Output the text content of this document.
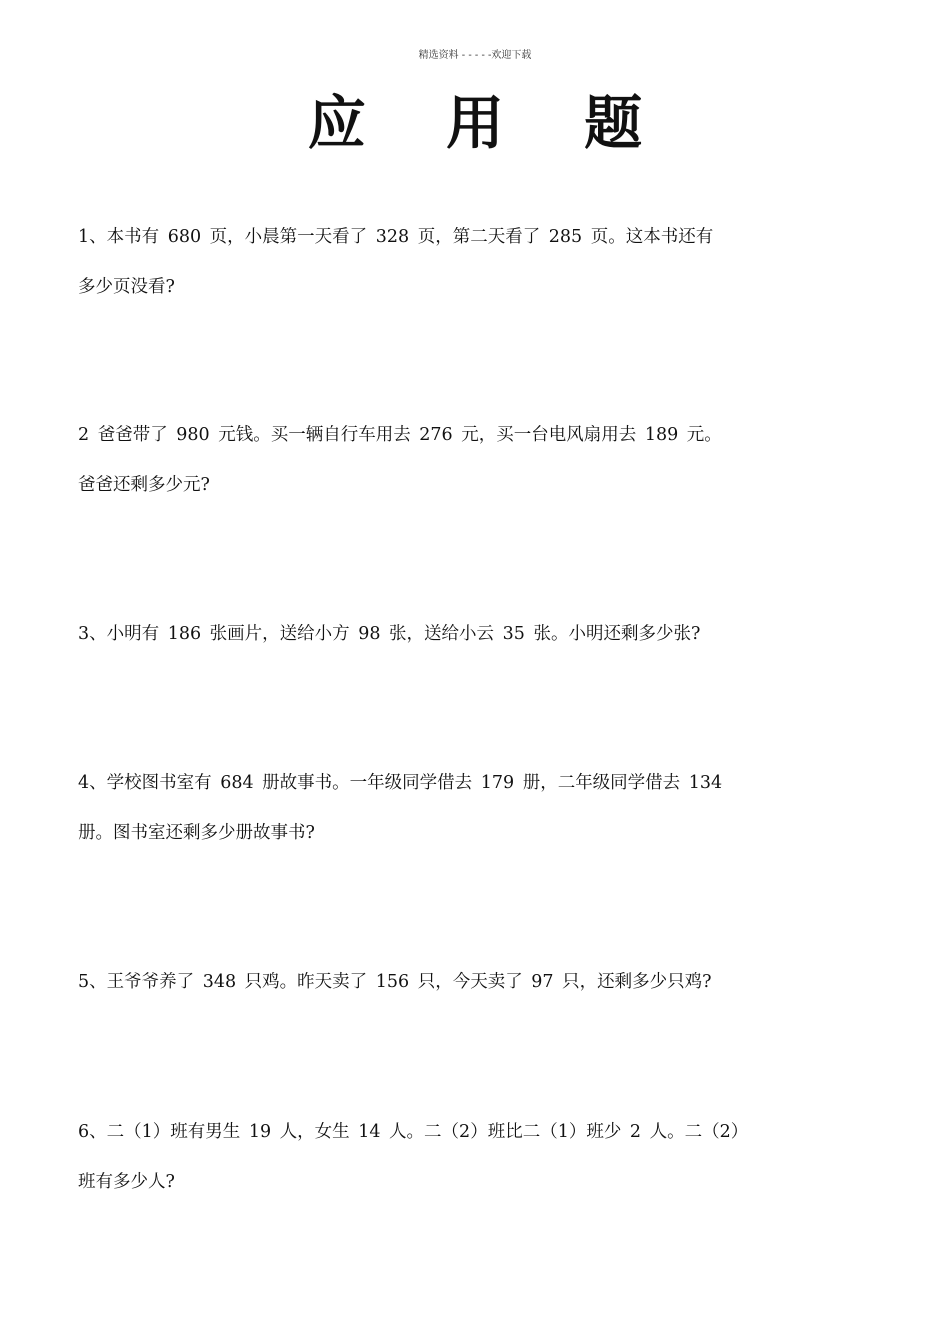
精选资料 - - - - -欢迎下载
应 用 题

1、本书有 680 页，小晨第一天看了 328 页，第二天看了 285 页。这本书还有

多少页没看?

2 爸爸带了 980 元钱。买一辆自行车用去 276 元，买一台电风扇用去 189 元。

爸爸还剩多少元?

3、小明有 186 张画片，送给小方 98 张，送给小云 35 张。小明还剩多少张?

4、学校图书室有 684 册故事书。一年级同学借去 179 册，二年级同学借去 134

册。图书室还剩多少册故事书?

5、王爷爷养了 348 只鸡。昨天卖了 156 只，今天卖了 97 只，还剩多少只鸡?

6、二（1）班有男生 19 人，女生 14 人。二（2）班比二（1）班少 2 人。二（2）

班有多少人?
